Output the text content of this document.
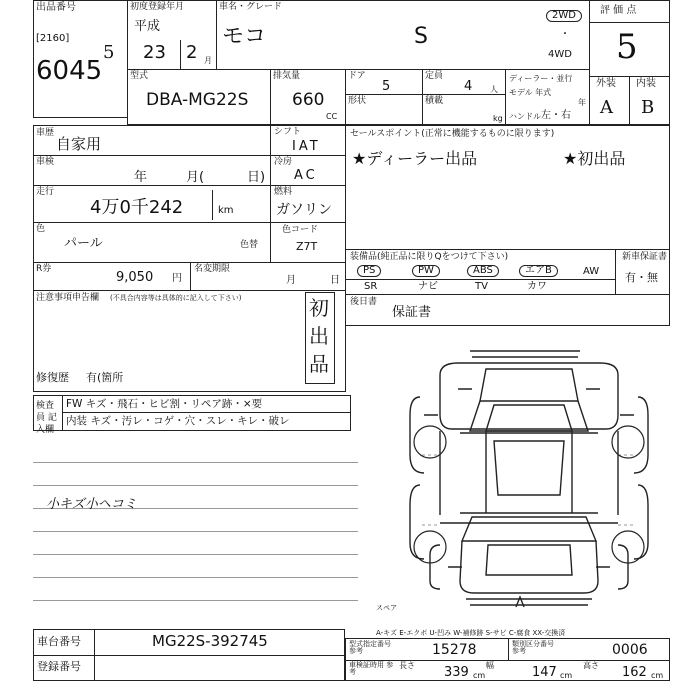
出品番号
[2160]
6045
5
初度登録年月
平成
23 2 月
車名・グレード
モコ	S
2WD
・
4WD
評 価 点
5
外装 内装
A B
型式
DBA-MG22S
排気量
660
CC
ドア
5
定員
4 人
ディーラー・並行
モデル 年式
年
形状	積載
kg ハンドル 左・右
車歴
自家用
車検
年	月(	日)
走行
4万0千242	km
色
パール	色替
R券
9,050 円
名変期限
月	日
注意事項申告欄 (不具合内容等は具体的に記入して下さい)	初
出
品
修復歴 有(箇所
検査員 記入欄
FW キズ・飛石・ヒビ割・リペア跡・×要
内装 キズ・汚レ・コゲ・穴・スレ・キレ・破レ
小キズ小ヘコミ
シフト
IAT
冷房
AC
燃料
ガソリン
色コード
Z7T
セールスポイント(正常に機能するものに限ります)
★ディーラー出品	★初出品
装備品(純正品に限りQをつけて下さい)	新車保証書
有・無
PS	PW	ABS	エアB	AW
SR	ナビ	TV	カワ
後日書
保証書
スペア
A-キズ E-エクボ U-凹み W-補修跡 S-サビ C-腐食 XX-交換済
車台番号	MG22S-392745
登録番号
型式指定番号 参考	15278	類別区分番号 参考	0006
車検証時用 参考
長さ 339 cm
幅	147 cm
高さ 162 cm
